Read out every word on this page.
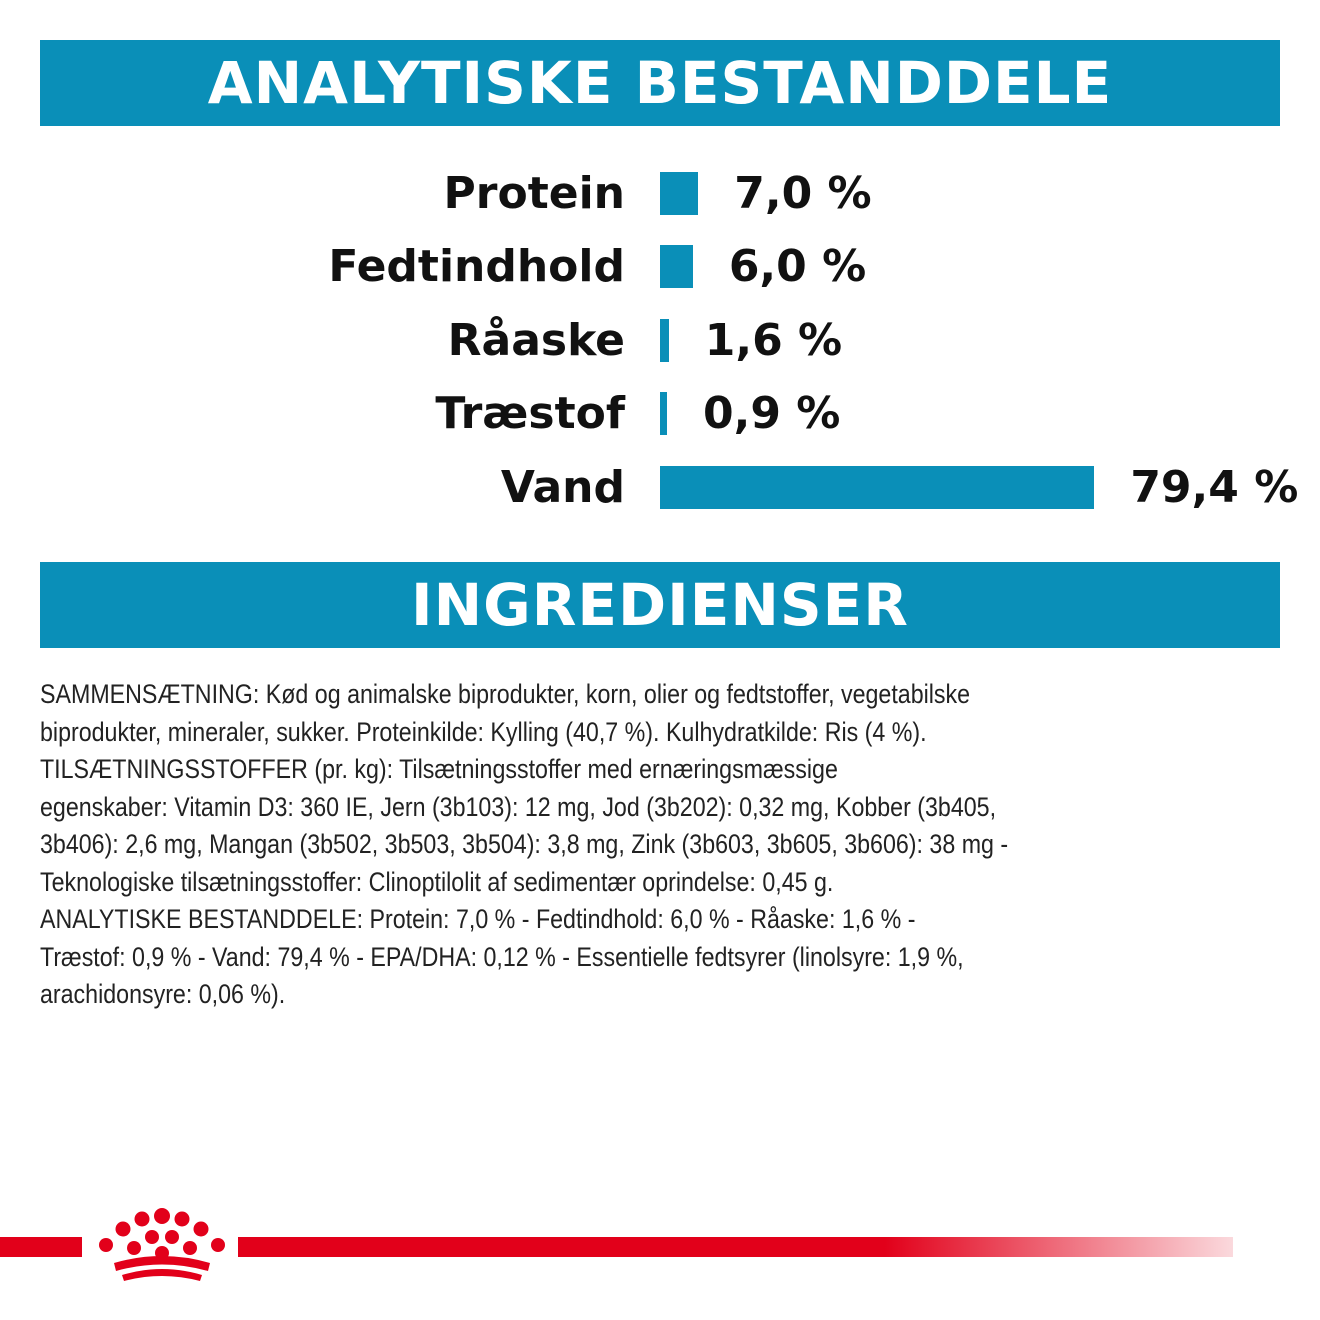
ANALYTISKE BESTANDDELE
Protein 7,0 %
Fedtindhold 6,0 %
Råaske 1,6 %
Træstof 0,9 %
Vand	79,4 %
INGREDIENSER

SAMMENSÆTNING: Kød og animalske biprodukter, korn, olier og fedtstoffer, vegetabilske

biprodukter, mineraler, sukker. Proteinkilde: Kylling (40,7 %). Kulhydratkilde: Ris (4 %).

TILSÆTNINGSSTOFFER (pr. kg): Tilsætningsstoffer med ernæringsmæssige

egenskaber: Vitamin D3: 360 IE, Jern (3b103): 12 mg, Jod (3b202): 0,32 mg, Kobber (3b405,

3b406): 2,6 mg, Mangan (3b502, 3b503, 3b504): 3,8 mg, Zink (3b603, 3b605, 3b606): 38 mg -

Teknologiske tilsætningsstoffer: Clinoptilolit af sedimentær oprindelse: 0,45 g.

ANALYTISKE BESTANDDELE: Protein: 7,0 % - Fedtindhold: 6,0 % - Råaske: 1,6 % -

Træstof: 0,9 % - Vand: 79,4 % - EPA/DHA: 0,12 % - Essentielle fedtsyrer (linolsyre: 1,9 %,

arachidonsyre: 0,06 %).
